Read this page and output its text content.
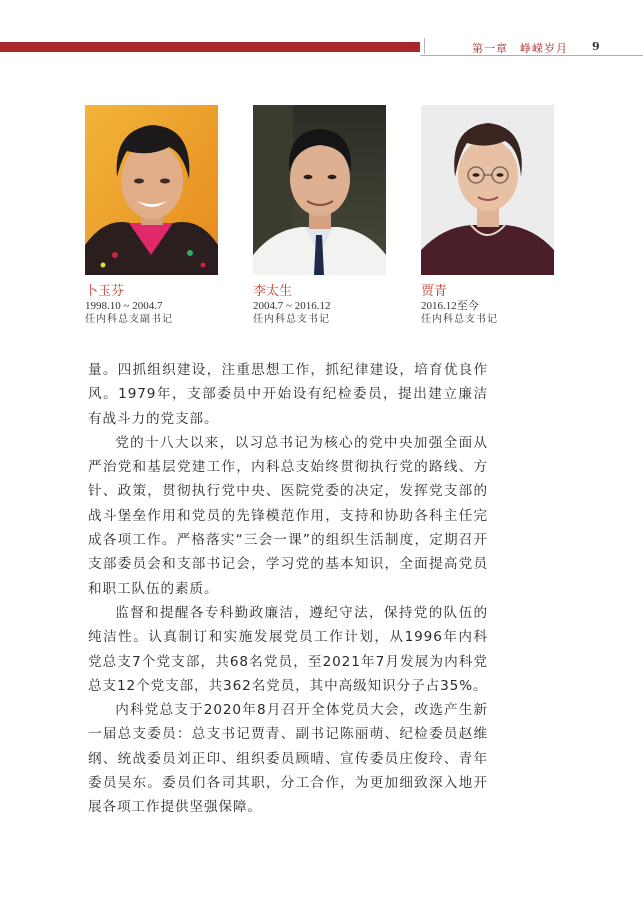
第一章　峥嵘岁月 9

卜玉芬

1998.10 ~ 2004.7

任内科总支副书记

李太生

2004.7 ~ 2016.12

任内科总支书记

贾青

2016.12至今

任内科总支书记

量。四抓组织建设，注重思想工作，抓纪律建设，培育优良作风。1979年，支部委员中开始设有纪检委员，提出建立廉洁有战斗力的党支部。

党的十八大以来，以习总书记为核心的党中央加强全面从严治党和基层党建工作，内科总支始终贯彻执行党的路线、方针、政策，贯彻执行党中央、医院党委的决定，发挥党支部的战斗堡垒作用和党员的先锋模范作用，支持和协助各科主任完成各项工作。严格落实“三会一课”的组织生活制度，定期召开支部委员会和支部书记会，学习党的基本知识，全面提高党员和职工队伍的素质。

监督和提醒各专科勤政廉洁，遵纪守法，保持党的队伍的纯洁性。认真制订和实施发展党员工作计划，从1996年内科党总支7个党支部，共68名党员，至2021年7月发展为内科党总支12个党支部，共362名党员，其中高级知识分子占35%。

内科党总支于2020年8月召开全体党员大会，改选产生新一届总支委员：总支书记贾青、副书记陈丽萌、纪检委员赵维纲、统战委员刘正印、组织委员顾晴、宣传委员庄俊玲、青年委员吴东。委员们各司其职，分工合作，为更加细致深入地开展各项工作提供坚强保障。
